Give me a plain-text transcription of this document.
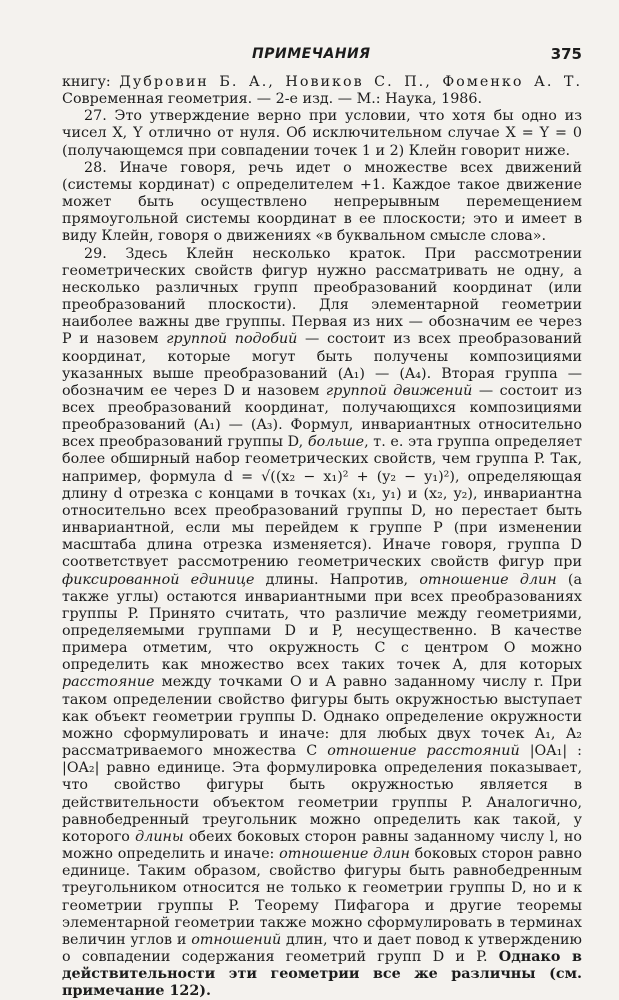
ПРИМЕЧАНИЯ	375

книгу: Дубровин Б. А., Новиков С. П., Фоменко А. Т. Современная геометрия. — 2-е изд. — М.: Наука, 1986.

27. Это утверждение верно при условии, что хотя бы одно из чисел X, Y отлично от нуля. Об исключительном случае X = Y = 0 (получающемся при совпадении точек 1 и 2) Клейн говорит ниже.

28. Иначе говоря, речь идет о множестве всех движений (системы кординат) с определителем +1. Каждое такое движение может быть осуществлено непрерывным перемещением прямоугольной системы координат в ее плоскости; это и имеет в виду Клейн, говоря о движениях «в буквальном смысле слова».

29. Здесь Клейн несколько краток. При рассмотрении геометрических свойств фигур нужно рассматривать не одну, а несколько различных групп преобразований координат (или преобразований плоскости). Для элементарной геометрии наиболее важны две группы. Первая из них — обозначим ее через P и назовем группой подобий — состоит из всех преобразований координат, которые могут быть получены композициями указанных выше преобразований (A₁) — (A₄). Вторая группа — обозначим ее через D и назовем группой движений — состоит из всех преобразований координат, получающихся композициями преобразований (A₁) — (A₃). Формул, инвариантных относительно всех преобразований группы D, больше, т. е. эта группа определяет более обширный набор геометрических свойств, чем группа P. Так, например, формула d = √((x₂ − x₁)² + (y₂ − y₁)²), определяющая длину d отрезка с концами в точках (x₁, y₁) и (x₂, y₂), инвариантна относительно всех преобразований группы D, но перестает быть инвариантной, если мы перейдем к группе P (при изменении масштаба длина отрезка изменяется). Иначе говоря, группа D соответствует рассмотрению геометрических свойств фигур при фиксированной единице длины. Напротив, отношение длин (а также углы) остаются инвариантными при всех преобразованиях группы P. Принято считать, что различие между геометриями, определяемыми группами D и P, несущественно. В качестве примера отметим, что окружность C с центром O можно определить как множество всех таких точек A, для которых расстояние между точками O и A равно заданному числу r. При таком определении свойство фигуры быть окружностью выступает как объект геометрии группы D. Однако определение окружности можно сформулировать и иначе: для любых двух точек A₁, A₂ рассматриваемого множества C отношение расстояний |OA₁| : |OA₂| равно единице. Эта формулировка определения показывает, что свойство фигуры быть окружностью является в действительности объектом геометрии группы P. Аналогично, равнобедренный треугольник можно определить как такой, у которого длины обеих боковых сторон равны заданному числу l, но можно определить и иначе: отношение длин боковых сторон равно единице. Таким образом, свойство фигуры быть равнобедренным треугольником относится не только к геометрии группы D, но и к геометрии группы P. Теорему Пифагора и другие теоремы элементарной геометрии также можно сформулировать в терминах величин углов и отношений длин, что и дает повод к утверждению о совпадении содержания геометрий групп D и P. Однако в действительности эти геометрии все же различны (см. примечание 122).
